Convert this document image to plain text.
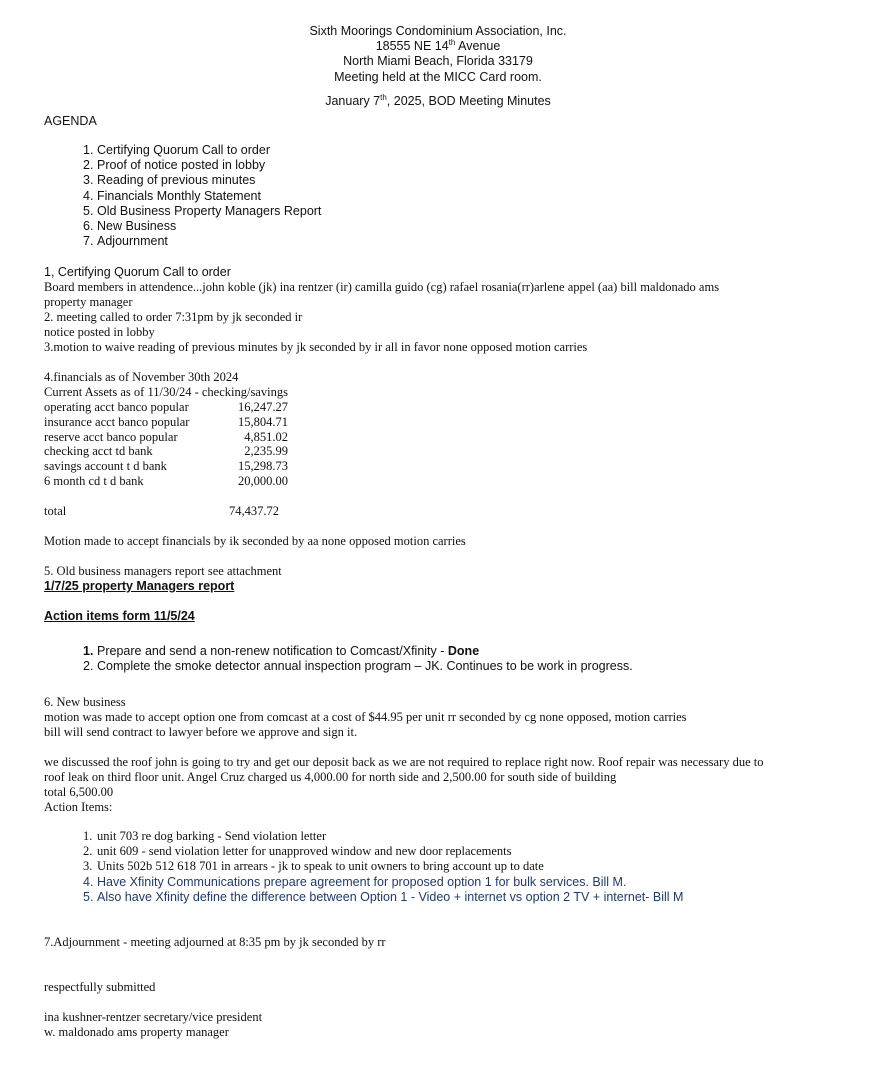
Sixth Moorings Condominium Association, Inc.
18555 NE 14th Avenue
North Miami Beach, Florida 33179
Meeting held at the MICC Card room.
January 7th, 2025, BOD Meeting Minutes
AGENDA
1. Certifying Quorum Call to order
2. Proof of notice posted in lobby
3. Reading of previous minutes
4. Financials Monthly Statement
5. Old Business Property Managers Report
6. New Business
7. Adjournment
1, Certifying Quorum Call to order
Board members in attendence...john koble (jk) ina rentzer (ir) camilla guido (cg) rafael rosania(rr)arlene appel (aa) bill maldonado ams
property manager
2. meeting called to order 7:31pm by jk seconded ir
notice posted in lobby
3.motion to waive reading of previous minutes by jk seconded by ir all in favor none opposed motion carries
4.financials as of November 30th 2024
Current Assets as of 11/30/24 - checking/savings
operating acct banco popular	16,247.27
insurance acct banco popular	15,804.71
reserve acct banco popular	4,851.02
checking acct td bank	2,235.99
savings account t d bank	15,298.73
6 month cd t d bank	20,000.00
total	74,437.72
Motion made to accept financials by ik seconded by aa none opposed motion carries
5. Old business managers report see attachment
1/7/25 property Managers report
Action items form 11/5/24
1. Prepare and send a non-renew notification to Comcast/Xfinity - Done
2. Complete the smoke detector annual inspection program – JK. Continues to be work in progress.
6. New business
motion was made to accept option one from comcast at a cost of $44.95 per unit rr seconded by cg none opposed, motion carries
bill will send contract to lawyer before we approve and sign it.
we discussed the roof john is going to try and get our deposit back as we are not required to replace right now. Roof repair was necessary due to
roof leak on third floor unit. Angel Cruz charged us 4,000.00 for north side and 2,500.00 for south side of building
total 6,500.00
Action Items:
1. unit 703 re dog barking - Send violation letter
2. unit 609 - send violation letter for unapproved window and new door replacements
3. Units 502b 512 618 701 in arrears - jk to speak to unit owners to bring account up to date
4. Have Xfinity Communications prepare agreement for proposed option 1 for bulk services. Bill M.
5. Also have Xfinity define the difference between Option 1 - Video + internet vs option 2 TV + internet- Bill M
7.Adjournment - meeting adjourned at 8:35 pm by jk seconded by rr
respectfully submitted
ina kushner-rentzer secretary/vice president
w. maldonado ams property manager
